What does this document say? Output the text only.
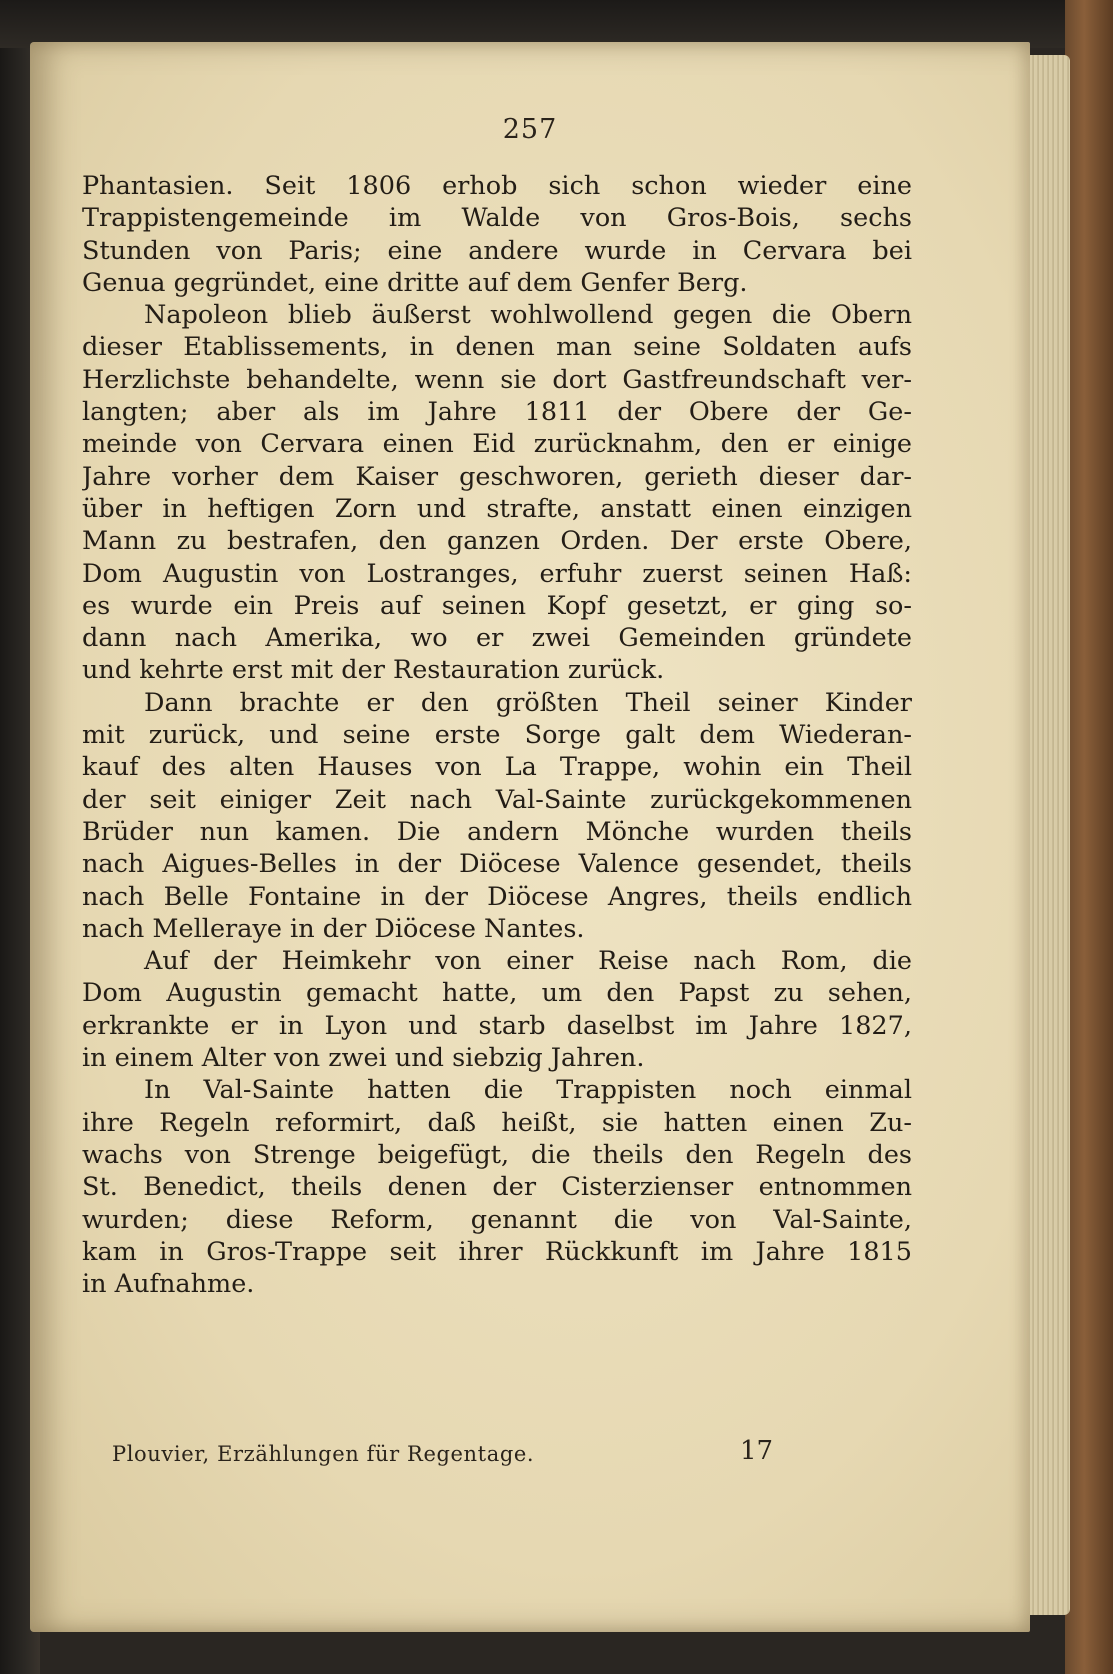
257
Phantasien. Seit 1806 erhob sich schon wieder eine
Trappistengemeinde im Walde von Gros-Bois, sechs
Stunden von Paris; eine andere wurde in Cervara bei
Genua gegründet, eine dritte auf dem Genfer Berg.
Napoleon blieb äußerst wohlwollend gegen die Obern
dieser Etablissements, in denen man seine Soldaten aufs
Herzlichste behandelte, wenn sie dort Gastfreundschaft ver-
langten; aber als im Jahre 1811 der Obere der Ge-
meinde von Cervara einen Eid zurücknahm, den er einige
Jahre vorher dem Kaiser geschworen, gerieth dieser dar-
über in heftigen Zorn und strafte, anstatt einen einzigen
Mann zu bestrafen, den ganzen Orden. Der erste Obere,
Dom Augustin von Lostranges, erfuhr zuerst seinen Haß:
es wurde ein Preis auf seinen Kopf gesetzt, er ging so-
dann nach Amerika, wo er zwei Gemeinden gründete
und kehrte erst mit der Restauration zurück.
Dann brachte er den größten Theil seiner Kinder
mit zurück, und seine erste Sorge galt dem Wiederan-
kauf des alten Hauses von La Trappe, wohin ein Theil
der seit einiger Zeit nach Val-Sainte zurückgekommenen
Brüder nun kamen. Die andern Mönche wurden theils
nach Aigues-Belles in der Diöcese Valence gesendet, theils
nach Belle Fontaine in der Diöcese Angres, theils endlich
nach Melleraye in der Diöcese Nantes.
Auf der Heimkehr von einer Reise nach Rom, die
Dom Augustin gemacht hatte, um den Papst zu sehen,
erkrankte er in Lyon und starb daselbst im Jahre 1827,
in einem Alter von zwei und siebzig Jahren.
In Val-Sainte hatten die Trappisten noch einmal
ihre Regeln reformirt, daß heißt, sie hatten einen Zu-
wachs von Strenge beigefügt, die theils den Regeln des
St. Benedict, theils denen der Cisterzienser entnommen
wurden; diese Reform, genannt die von Val-Sainte,
kam in Gros-Trappe seit ihrer Rückkunft im Jahre 1815
in Aufnahme.
Plouvier, Erzählungen für Regentage.	17
